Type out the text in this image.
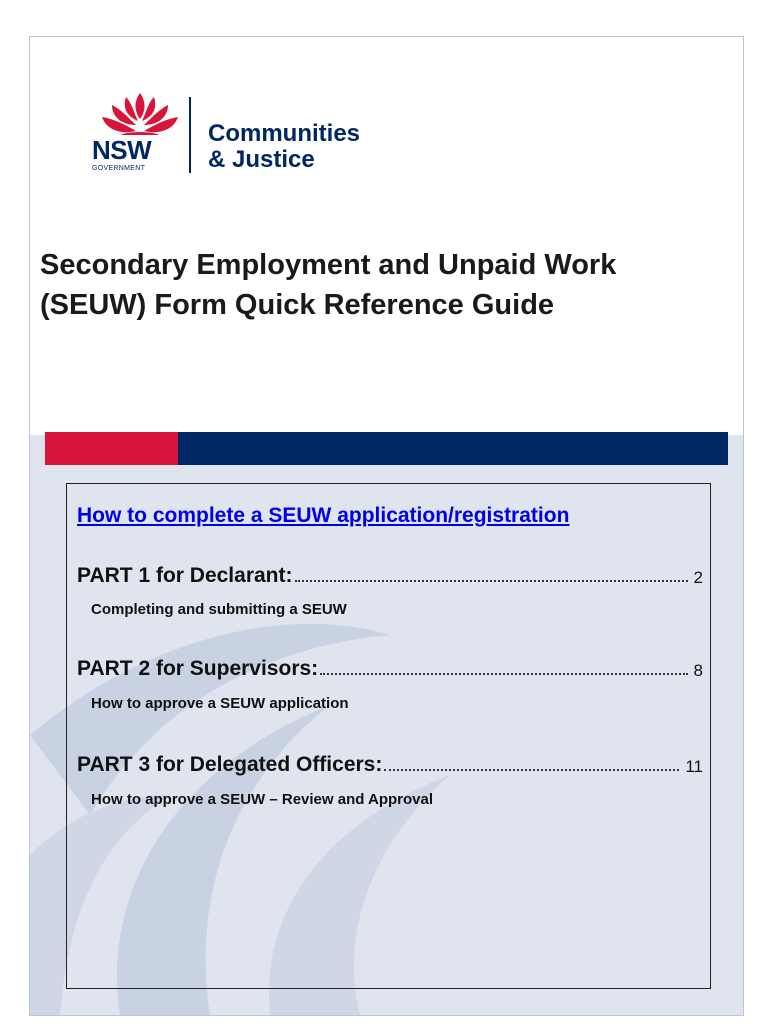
NSW
GOVERNMENT
Communities
& Justice
Secondary Employment and Unpaid Work (SEUW) Form Quick Reference Guide
How to complete a SEUW application/registration
PART 1 for Declarant:	2
Completing and submitting a SEUW
PART 2 for Supervisors:	8
How to approve a SEUW application
PART 3 for Delegated Officers:	11
How to approve a SEUW – Review and Approval
